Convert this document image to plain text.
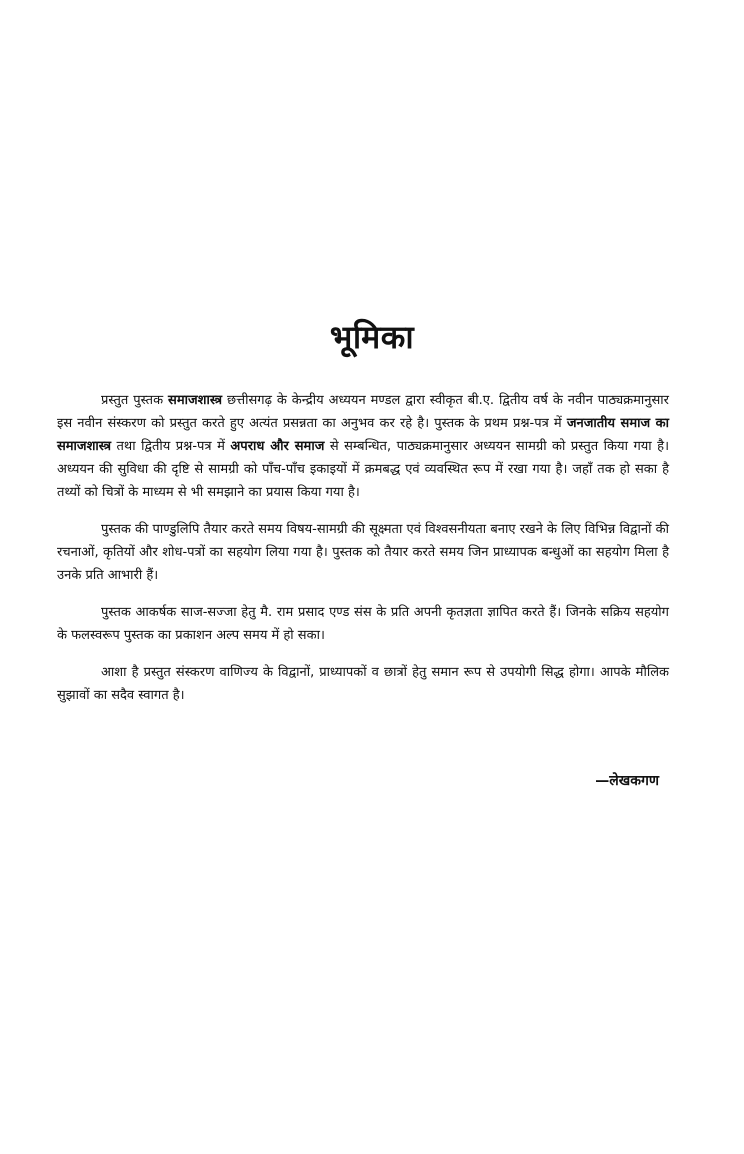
भूमिका

प्रस्तुत पुस्तक समाजशास्त्र छत्तीसगढ़ के केन्द्रीय अध्ययन मण्डल द्वारा स्वीकृत बी.ए. द्वितीय वर्ष के नवीन पाठ्यक्रमानुसार इस नवीन संस्करण को प्रस्तुत करते हुए अत्यंत प्रसन्नता का अनुभव कर रहे है। पुस्तक के प्रथम प्रश्न-पत्र में जनजातीय समाज का समाजशास्त्र तथा द्वितीय प्रश्न-पत्र में अपराध और समाज से सम्बन्धित, पाठ्यक्रमानुसार अध्ययन सामग्री को प्रस्तुत किया गया है। अध्ययन की सुविधा की दृष्टि से सामग्री को पाँच-पाँच इकाइयों में क्रमबद्ध एवं व्यवस्थित रूप में रखा गया है। जहाँ तक हो सका है तथ्यों को चित्रों के माध्यम से भी समझाने का प्रयास किया गया है।

पुस्तक की पाण्डुलिपि तैयार करते समय विषय-सामग्री की सूक्ष्मता एवं विश्वसनीयता बनाए रखने के लिए विभिन्न विद्वानों की रचनाओं, कृतियों और शोध-पत्रों का सहयोग लिया गया है। पुस्तक को तैयार करते समय जिन प्राध्यापक बन्धुओं का सहयोग मिला है उनके प्रति आभारी हैं।

पुस्तक आकर्षक साज-सज्जा हेतु मै. राम प्रसाद एण्ड संस के प्रति अपनी कृतज्ञता ज्ञापित करते हैं। जिनके सक्रिय सहयोग के फलस्वरूप पुस्तक का प्रकाशन अल्प समय में हो सका।

आशा है प्रस्तुत संस्करण वाणिज्य के विद्वानों, प्राध्यापकों व छात्रों हेतु समान रूप से उपयोगी सिद्ध होगा। आपके मौलिक सुझावों का सदैव स्वागत है।

—लेखकगण
